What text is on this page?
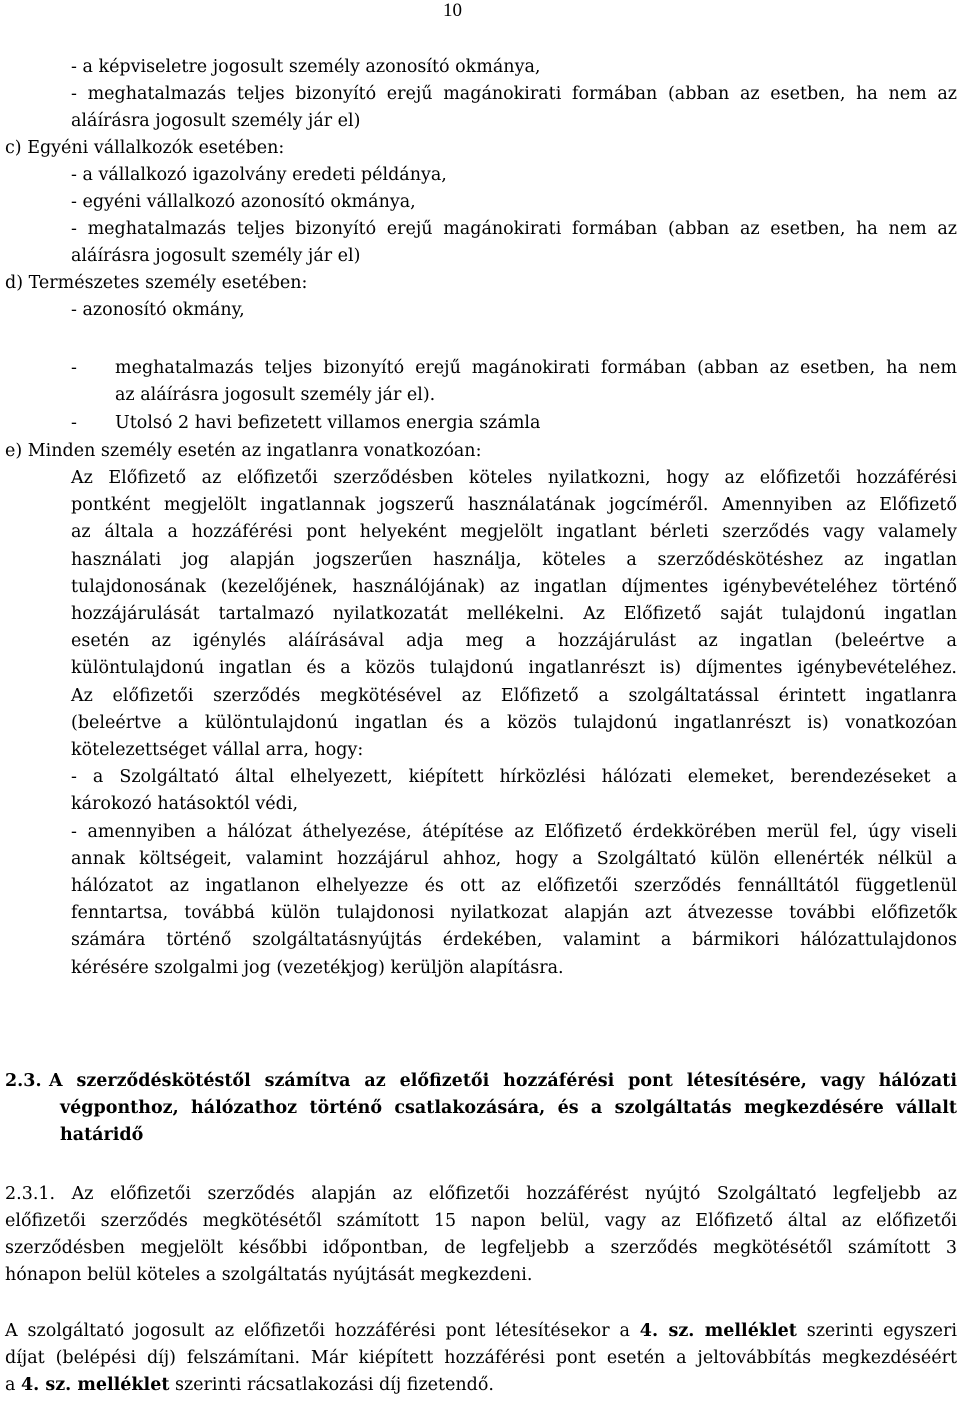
10
- a képviseletre jogosult személy azonosító okmánya,
- meghatalmazás teljes bizonyító erejű magánokirati formában (abban az esetben, ha nem az
aláírásra jogosult személy jár el)
c) Egyéni vállalkozók esetében:
- a vállalkozó igazolvány eredeti példánya,
- egyéni vállalkozó azonosító okmánya,
- meghatalmazás teljes bizonyító erejű magánokirati formában (abban az esetben, ha nem az
aláírásra jogosult személy jár el)
d) Természetes személy esetében:
- azonosító okmány,
- meghatalmazás teljes bizonyító erejű magánokirati formában (abban az esetben, ha nem
az aláírásra jogosult személy jár el).
- Utolsó 2 havi befizetett villamos energia számla
e) Minden személy esetén az ingatlanra vonatkozóan:
Az Előfizető az előfizetői szerződésben köteles nyilatkozni, hogy az előfizetői hozzáférési
pontként megjelölt ingatlannak jogszerű használatának jogcíméről. Amennyiben az Előfizető
az általa a hozzáférési pont helyeként megjelölt ingatlant bérleti szerződés vagy valamely
használati jog alapján jogszerűen használja, köteles a szerződéskötéshez az ingatlan
tulajdonosának (kezelőjének, használójának) az ingatlan díjmentes igénybevételéhez történő
hozzájárulását tartalmazó nyilatkozatát mellékelni. Az Előfizető saját tulajdonú ingatlan
esetén az igénylés aláírásával adja meg a hozzájárulást az ingatlan (beleértve a
különtulajdonú ingatlan és a közös tulajdonú ingatlanrészt is) díjmentes igénybevételéhez.
Az előfizetői szerződés megkötésével az Előfizető a szolgáltatással érintett ingatlanra
(beleértve a különtulajdonú ingatlan és a közös tulajdonú ingatlanrészt is) vonatkozóan
kötelezettséget vállal arra, hogy:
- a Szolgáltató által elhelyezett, kiépített hírközlési hálózati elemeket, berendezéseket a
károkozó hatásoktól védi,
- amennyiben a hálózat áthelyezése, átépítése az Előfizető érdekkörében merül fel, úgy viseli
annak költségeit, valamint hozzájárul ahhoz, hogy a Szolgáltató külön ellenérték nélkül a
hálózatot az ingatlanon elhelyezze és ott az előfizetői szerződés fennálltától függetlenül
fenntartsa, továbbá külön tulajdonosi nyilatkozat alapján azt átvezesse további előfizetők
számára történő szolgáltatásnyújtás érdekében, valamint a bármikori hálózattulajdonos
kérésére szolgalmi jog (vezetékjog) kerüljön alapításra.
2.3. A szerződéskötéstől számítva az előfizetői hozzáférési pont létesítésére, vagy hálózati
végponthoz, hálózathoz történő csatlakozására, és a szolgáltatás megkezdésére vállalt
határidő
2.3.1. Az előfizetői szerződés alapján az előfizetői hozzáférést nyújtó Szolgáltató legfeljebb az
előfizetői szerződés megkötésétől számított 15 napon belül, vagy az Előfizető által az előfizetői
szerződésben megjelölt későbbi időpontban, de legfeljebb a szerződés megkötésétől számított 3
hónapon belül köteles a szolgáltatás nyújtását megkezdeni.
A szolgáltató jogosult az előfizetői hozzáférési pont létesítésekor a 4. sz. melléklet szerinti egyszeri
díjat (belépési díj) felszámítani. Már kiépített hozzáférési pont esetén a jeltovábbítás megkezdéséért
a 4. sz. melléklet szerinti rácsatlakozási díj fizetendő.
